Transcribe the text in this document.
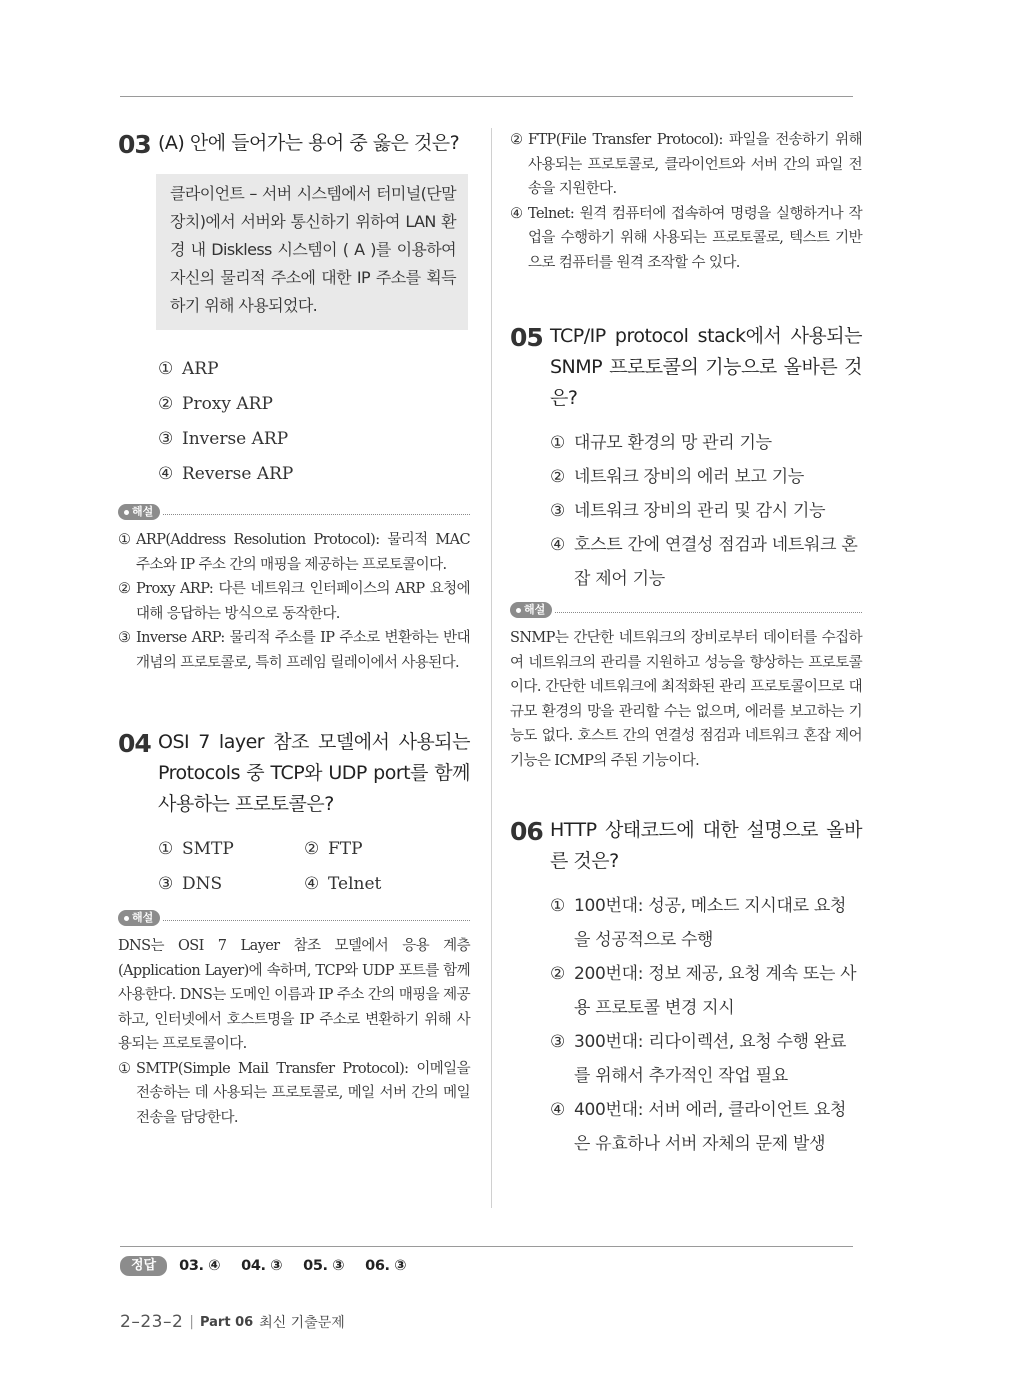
03 (A) 안에 들어가는 용어 중 옳은 것은?
클라이언트 – 서버 시스템에서 터미널(단말장치)에서 서버와 통신하기 위하여 LAN 환경 내 Diskless 시스템이 ( A )를 이용하여 자신의 물리적 주소에 대한 IP 주소를 획득하기 위해 사용되었다.
① ARP
② Proxy ARP
③ Inverse ARP
④ Reverse ARP
해설
① ARP(Address Resolution Protocol): 물리적 MAC 주소와 IP 주소 간의 매핑을 제공하는 프로토콜이다.
② Proxy ARP: 다른 네트워크 인터페이스의 ARP 요청에 대해 응답하는 방식으로 동작한다.
③ Inverse ARP: 물리적 주소를 IP 주소로 변환하는 반대 개념의 프로토콜로, 특히 프레임 릴레이에서 사용된다.
04 OSI 7 layer 참조 모델에서 사용되는 Protocols 중 TCP와 UDP port를 함께 사용하는 프로토콜은?
① SMTP	② FTP
③ DNS	④ Telnet
해설

DNS는 OSI 7 Layer 참조 모델에서 응용 계층(Application Layer)에 속하며, TCP와 UDP 포트를 함께 사용한다. DNS는 도메인 이름과 IP 주소 간의 매핑을 제공하고, 인터넷에서 호스트명을 IP 주소로 변환하기 위해 사용되는 프로토콜이다.

① SMTP(Simple Mail Transfer Protocol): 이메일을 전송하는 데 사용되는 프로토콜로, 메일 서버 간의 메일 전송을 담당한다.
② FTP(File Transfer Protocol): 파일을 전송하기 위해 사용되는 프로토콜로, 클라이언트와 서버 간의 파일 전송을 지원한다.
④ Telnet: 원격 컴퓨터에 접속하여 명령을 실행하거나 작업을 수행하기 위해 사용되는 프로토콜로, 텍스트 기반으로 컴퓨터를 원격 조작할 수 있다.
05 TCP/IP protocol stack에서 사용되는 SNMP 프로토콜의 기능으로 올바른 것은?
① 대규모 환경의 망 관리 기능
② 네트워크 장비의 에러 보고 기능
③ 네트워크 장비의 관리 및 감시 기능
④ 호스트 간에 연결성 점검과 네트워크 혼잡 제어 기능
해설

SNMP는 간단한 네트워크의 장비로부터 데이터를 수집하여 네트워크의 관리를 지원하고 성능을 향상하는 프로토콜이다. 간단한 네트워크에 최적화된 관리 프로토콜이므로 대규모 환경의 망을 관리할 수는 없으며, 에러를 보고하는 기능도 없다. 호스트 간의 연결성 점검과 네트워크 혼잡 제어 기능은 ICMP의 주된 기능이다.

06 HTTP 상태코드에 대한 설명으로 올바른 것은?
① 100번대: 성공, 메소드 지시대로 요청을 성공적으로 수행
② 200번대: 정보 제공, 요청 계속 또는 사용 프로토콜 변경 지시
③ 300번대: 리다이렉션, 요청 수행 완료를 위해서 추가적인 작업 필요
④ 400번대: 서버 에러, 클라이언트 요청은 유효하나 서버 자체의 문제 발생
정답	03. ④ 04. ③ 05. ③ 06. ③
2–23–2 | Part 06 최신 기출문제
